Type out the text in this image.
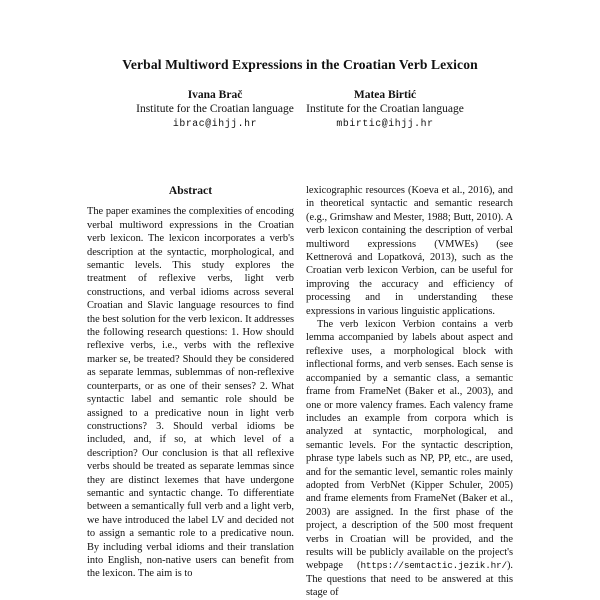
Verbal Multiword Expressions in the Croatian Verb Lexicon
Ivana Brač
Institute for the Croatian language
ibrac@ihjj.hr
Matea Birtić
Institute for the Croatian language
mbirtic@ihjj.hr
Abstract

The paper examines the complexities of encoding verbal multiword expressions in the Croatian verb lexicon. The lexicon incorporates a verb's description at the syntactic, morphological, and semantic levels. This study explores the treatment of reflexive verbs, light verb constructions, and verbal idioms across several Croatian and Slavic language resources to find the best solution for the verb lexicon. It addresses the following research questions: 1. How should reflexive verbs, i.e., verbs with the reflexive marker se, be treated? Should they be considered as separate lemmas, sublemmas of non-reflexive counterparts, or as one of their senses? 2. What syntactic label and semantic role should be assigned to a predicative noun in light verb constructions? 3. Should verbal idioms be included, and, if so, at which level of a description? Our conclusion is that all reflexive verbs should be treated as separate lemmas since they are distinct lexemes that have undergone semantic and syntactic change. To differentiate between a semantically full verb and a light verb, we have introduced the label LV and decided not to assign a semantic role to a predicative noun. By including verbal idioms and their translation into English, non-native users can benefit from the lexicon. The aim is to

lexicographic resources (Koeva et al., 2016), and in theoretical syntactic and semantic research (e.g., Grimshaw and Mester, 1988; Butt, 2010). A verb lexicon containing the description of verbal multiword expressions (VMWEs) (see Kettnerová and Lopatková, 2013), such as the Croatian verb lexicon Verbion, can be useful for improving the accuracy and efficiency of processing and in understanding these expressions in various linguistic applications.

The verb lexicon Verbion contains a verb lemma accompanied by labels about aspect and reflexive uses, a morphological block with inflectional forms, and verb senses. Each sense is accompanied by a semantic class, a semantic frame from FrameNet (Baker et al., 2003), and one or more valency frames. Each valency frame includes an example from corpora which is analyzed at syntactic, morphological, and semantic levels. For the syntactic description, phrase type labels such as NP, PP, etc., are used, and for the semantic level, semantic roles mainly adopted from VerbNet (Kipper Schuler, 2005) and frame elements from FrameNet (Baker et al., 2003) are assigned. In the first phase of the project, a description of the 500 most frequent verbs in Croatian will be provided, and the results will be publicly available on the project's webpage (https://semtactic.jezik.hr/). The questions that need to be answered at this stage of
